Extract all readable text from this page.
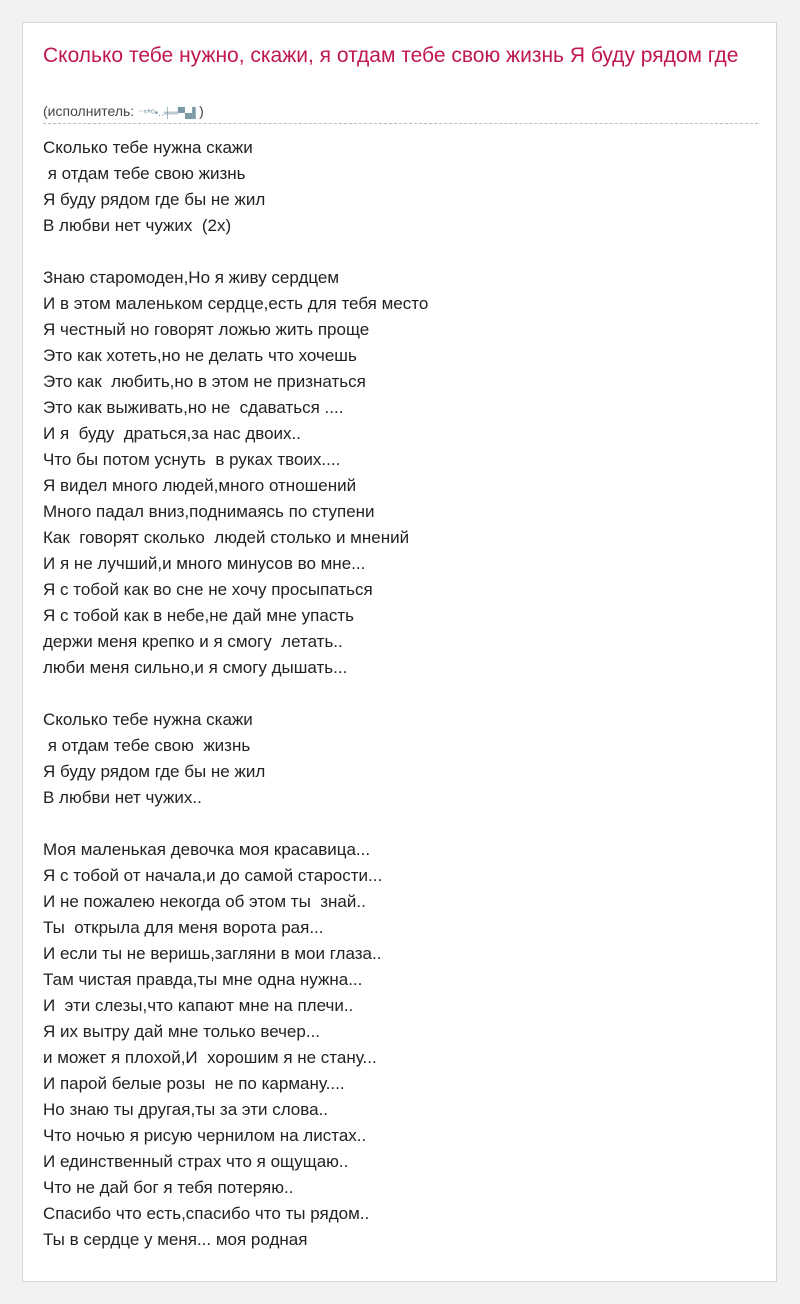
Сколько тебе нужно, скажи, я отдам тебе свою жизнь Я буду рядом где
(исполнитель: ⁻ⁿ*ᵒ•..╪═▀▄▌)
Сколько тебе нужна скажи
я отдам тебе свою жизнь
Я буду рядом где бы не жил
В любви нет чужих  (2x)
Знаю старомоден,Но я живу сердцем
И в этом маленьком сердце,есть для тебя место
Я честный но говорят ложью жить проще
Это как хотеть,но не делать что хочешь
Это как  любить,но в этом не признаться
Это как выживать,но не  сдаваться ....
И я  буду  драться,за нас двоих..
Что бы потом уснуть  в руках твоих....
Я видел много людей,много отношений
Много падал вниз,поднимаясь по ступени
Как  говорят сколько  людей столько и мнений
И я не лучший,и много минусов во мне...
Я с тобой как во сне не хочу просыпаться
Я с тобой как в небе,не дай мне упасть
держи меня крепко и я смогу  летать..
люби меня сильно,и я смогу дышать...
Сколько тебе нужна скажи
я отдам тебе свою  жизнь
Я буду рядом где бы не жил
В любви нет чужих..
Моя маленькая девочка моя красавица...
Я с тобой от начала,и до самой старости...
И не пожалею некогда об этом ты  знай..
Ты  открыла для меня ворота рая...
И если ты не веришь,загляни в мои глаза..
Там чистая правда,ты мне одна нужна...
И  эти слезы,что капают мне на плечи..
Я их вытру дай мне только вечер...
и может я плохой,И  хорошим я не стану...
И парой белые розы  не по карману....
Но знаю ты другая,ты за эти слова..
Что ночью я рисую чернилом на листах..
И единственный страх что я ощущаю..
Что не дай бог я тебя потеряю..
Спасибо что есть,спасибо что ты рядом..
Ты в сердце у меня... моя родная
